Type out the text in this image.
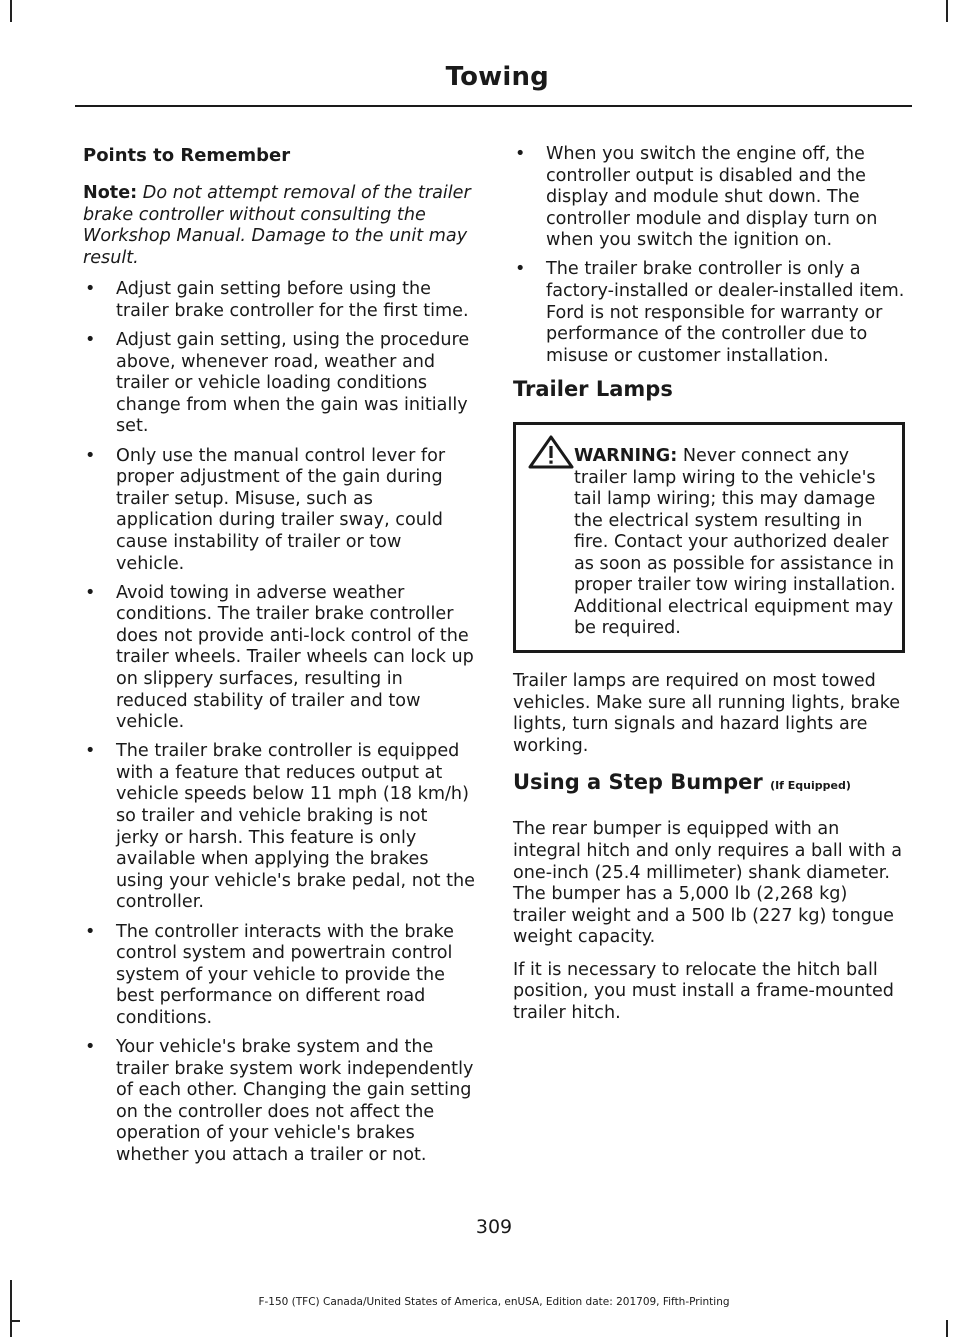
Towing
Points to Remember

Note: Do not attempt removal of the trailer brake controller without consulting the Workshop Manual. Damage to the unit may result.

• Adjust gain setting before using the trailer brake controller for the first time.
• Adjust gain setting, using the procedure above, whenever road, weather and trailer or vehicle loading conditions change from when the gain was initially set.
• Only use the manual control lever for proper adjustment of the gain during trailer setup. Misuse, such as application during trailer sway, could cause instability of trailer or tow vehicle.
• Avoid towing in adverse weather conditions. The trailer brake controller does not provide anti-lock control of the trailer wheels. Trailer wheels can lock up on slippery surfaces, resulting in reduced stability of trailer and tow vehicle.
• The trailer brake controller is equipped with a feature that reduces output at vehicle speeds below 11 mph (18 km/h) so trailer and vehicle braking is not jerky or harsh. This feature is only available when applying the brakes using your vehicle's brake pedal, not the controller.
• The controller interacts with the brake control system and powertrain control system of your vehicle to provide the best performance on different road conditions.
• Your vehicle's brake system and the trailer brake system work independently of each other. Changing the gain setting on the controller does not affect the operation of your vehicle's brakes whether you attach a trailer or not.
• When you switch the engine off, the controller output is disabled and the display and module shut down. The controller module and display turn on when you switch the ignition on.
• The trailer brake controller is only a factory-installed or dealer-installed item. Ford is not responsible for warranty or performance of the controller due to misuse or customer installation.
Trailer Lamps

WARNING: Never connect any trailer lamp wiring to the vehicle's tail lamp wiring; this may damage the electrical system resulting in fire. Contact your authorized dealer as soon as possible for assistance in proper trailer tow wiring installation. Additional electrical equipment may be required.

Trailer lamps are required on most towed vehicles. Make sure all running lights, brake lights, turn signals and hazard lights are working.

Using a Step Bumper (If Equipped)

The rear bumper is equipped with an integral hitch and only requires a ball with a one-inch (25.4 millimeter) shank diameter. The bumper has a 5,000 lb (2,268 kg) trailer weight and a 500 lb (227 kg) tongue weight capacity.

If it is necessary to relocate the hitch ball position, you must install a frame-mounted trailer hitch.

309
F-150 (TFC) Canada/United States of America, enUSA, Edition date: 201709, Fifth-Printing
